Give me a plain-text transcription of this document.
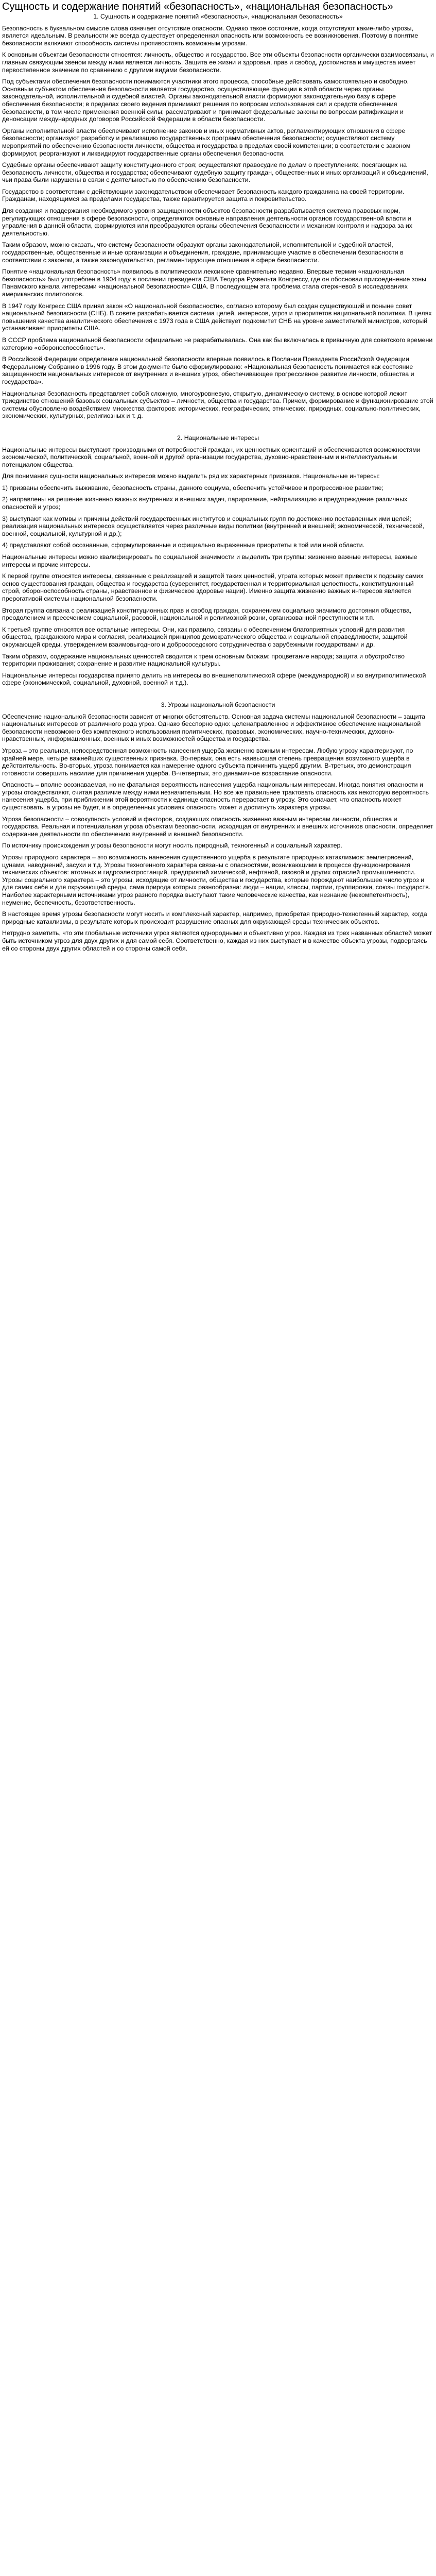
Сущность и содержание понятий «безопасность», «национальная безопасность»
1. Сущность и содержание понятий «безопасность», «национальная безопасность»

Безопасность в буквальном смысле слова означает отсутствие опасности. Однако такое состояние, когда отсутствуют какие-либо угрозы, является идеальным. В реальности же всегда существует определенная опасность или возможность ее возникновения. Поэтому в понятие безопасности включают способность системы противостоять возможным угрозам.

К основным объектам безопасности относятся: личность, общество и государство. Все эти объекты безопасности органически взаимосвязаны, и главным связующим звеном между ними является личность. Защита ее жизни и здоровья, прав и свобод, достоинства и имущества имеет первостепенное значение по сравнению с другими видами безопасности.

Под субъектами обеспечения безопасности понимаются участники этого процесса, способные действовать самостоятельно и свободно. Основным субъектом обеспечения безопасности является государство, осуществляющее функции в этой области через органы законодательной, исполнительной и судебной властей. Органы законодательной власти формируют законодательную базу в сфере обеспечения безопасности; в пределах своего ведения принимают решения по вопросам использования сил и средств обеспечения безопасности, в том числе применения военной силы; рассматривают и принимают федеральные законы по вопросам ратификации и денонсации международных договоров Российской Федерации в области безопасности.

Органы исполнительной власти обеспечивают исполнение законов и иных нормативных актов, регламентирующих отношения в сфере безопасности; организуют разработку и реализацию государственных программ обеспечения безопасности; осуществляют систему мероприятий по обеспечению безопасности личности, общества и государства в пределах своей компетенции; в соответствии с законом формируют, реорганизуют и ликвидируют государственные органы обеспечения безопасности.

Судебные органы обеспечивают защиту конституционного строя; осуществляют правосудие по делам о преступлениях, посягающих на безопасность личности, общества и государства; обеспечивают судебную защиту граждан, общественных и иных организаций и объединений, чьи права были нарушены в связи с деятельностью по обеспечению безопасности.

Государство в соответствии с действующим законодательством обеспечивает безопасность каждого гражданина на своей территории. Гражданам, находящимся за пределами государства, также гарантируется защита и покровительство.

Для создания и поддержания необходимого уровня защищенности объектов безопасности разрабатывается система правовых норм, регулирующих отношения в сфере безопасности, определяются основные направления деятельности органов государственной власти и управления в данной области, формируются или преобразуются органы обеспечения безопасности и механизм контроля и надзора за их деятельностью.

Таким образом, можно сказать, что систему безопасности образуют органы законодательной, исполнительной и судебной властей, государственные, общественные и иные организации и объединения, граждане, принимающие участие в обеспечении безопасности в соответствии с законом, а также законодательство, регламентирующее отношения в сфере безопасности.

Понятие «национальная безопасность» появилось в политическом лексиконе сравнительно недавно. Впервые термин «национальная безопасность» был употреблен в 1904 году в послании президента США Теодора Рузвельта Конгрессу, где он обосновал присоединение зоны Панамского канала интересами «национальной безопасности» США. В последующем эта проблема стала стержневой в исследованиях американских политологов.

В 1947 году Конгресс США принял закон «О национальной безопасности», согласно которому был создан существующий и поныне совет национальной безопасности (СНБ). В совете разрабатывается система целей, интересов, угроз и приоритетов национальной политики. В целях повышения качества аналитического обеспечения с 1973 года в США действует подкомитет СНБ на уровне заместителей министров, который устанавливает приоритеты США.

В СССР проблема национальной безопасности официально не разрабатывалась. Она как бы включалась в привычную для советского времени категорию «обороноспособность».

В Российской Федерации определение национальной безопасности впервые появилось в Послании Президента Российской Федерации Федеральному Собранию в 1996 году. В этом документе было сформулировано: «Национальная безопасность понимается как состояние защищенности национальных интересов от внутренних и внешних угроз, обеспечивающее прогрессивное развитие личности, общества и государства».

Национальная безопасность представляет собой сложную, многоуровневую, открытую, динамическую систему, в основе которой лежит триединство отношений базовых социальных субъектов – личности, общества и государства. Причем, формирование и функционирование этой системы обусловлено воздействием множества факторов: исторических, географических, этнических, природных, социально-политических, экономических, культурных, религиозных и т. д.

2. Национальные интересы

Национальные интересы выступают производными от потребностей граждан, их ценностных ориентаций и обеспечиваются возможностями экономической, политической, социальной, военной и другой организации государства, духовно-нравственным и интеллектуальным потенциалом общества.

Для понимания сущности национальных интересов можно выделить ряд их характерных признаков. Национальные интересы:

1) призваны обеспечить выживание, безопасность страны, данного социума, обеспечить устойчивое и прогрессивное развитие;

2) направлены на решение жизненно важных внутренних и внешних задач, парирование, нейтрализацию и предупреждение различных опасностей и угроз;

3) выступают как мотивы и причины действий государственных институтов и социальных групп по достижению поставленных ими целей; реализация национальных интересов осуществляется через различные виды политики (внутренней и внешней; экономической, технической, военной, социальной, культурной и др.);

4) представляют собой осознанные, сформулированные и официально выраженные приоритеты в той или иной области.

Национальные интересы можно квалифицировать по социальной значимости и выделить три группы: жизненно важные интересы, важные интересы и прочие интересы.

К первой группе относятся интересы, связанные с реализацией и защитой таких ценностей, утрата которых может привести к подрыву самих основ существования граждан, общества и государства (суверенитет, государственная и территориальная целостность, конституционный строй, обороноспособность страны, нравственное и физическое здоровье нации). Именно защита жизненно важных интересов является прерогативой системы национальной безопасности.

Вторая группа связана с реализацией конституционных прав и свобод граждан, сохранением социально значимого достояния общества, преодолением и пресечением социальной, расовой, национальной и религиозной розни, организованной преступности и т.п.

К третьей группе относятся все остальные интересы. Они, как правило, связаны с обеспечением благоприятных условий для развития общества, гражданского мира и согласия, реализацией принципов демократического общества и социальной справедливости, защитой окружающей среды, утверждением взаимовыгодного и добрососедского сотрудничества с зарубежными государствами и др.

Таким образом, содержание национальных ценностей сводится к трем основным блокам: процветание народа; защита и обустройство территории проживания; сохранение и развитие национальной культуры.

Национальные интересы государства принято делить на интересы во внешнеполитической сфере (международной) и во внутриполитической сфере (экономической, социальной, духовной, военной и т.д.).

3. Угрозы национальной безопасности

Обеспечение национальной безопасности зависит от многих обстоятельств. Основная задача системы национальной безопасности – защита национальных интересов от различного рода угроз. Однако бесспорно одно: целенаправленное и эффективное обеспечение национальной безопасности невозможно без комплексного использования политических, правовых, экономических, научно-технических, духовно-нравственных, информационных, военных и иных возможностей общества и государства.

Угроза – это реальная, непосредственная возможность нанесения ущерба жизненно важным интересам. Любую угрозу характеризуют, по крайней мере, четыре важнейших существенных признака. Во-первых, она есть наивысшая степень превращения возможного ущерба в действительность. Во-вторых, угроза понимается как намерение одного субъекта причинить ущерб другим. В-третьих, это демонстрация готовности совершить насилие для причинения ущерба. В-четвертых, это динамичное возрастание опасности.

Опасность – вполне осознаваемая, но не фатальная вероятность нанесения ущерба национальным интересам. Иногда понятия опасности и угрозы отождествляют, считая различие между ними незначительным. Но все же правильнее трактовать опасность как некоторую вероятность нанесения ущерба, при приближении этой вероятности к единице опасность перерастает в угрозу. Это означает, что опасность может существовать, а угрозы не будет, и в определенных условиях опасность может и достигнуть характера угрозы.

Угроза безопасности – совокупность условий и факторов, создающих опасность жизненно важным интересам личности, общества и государства. Реальная и потенциальная угроза объектам безопасности, исходящая от внутренних и внешних источников опасности, определяет содержание деятельности по обеспечению внутренней и внешней безопасности.

По источнику происхождения угрозы безопасности могут носить природный, техногенный и социальный характер.

Угрозы природного характера – это возможность нанесения существенного ущерба в результате природных катаклизмов: землетрясений, цунами, наводнений, засухи и т.д. Угрозы техногенного характера связаны с опасностями, возникающими в процессе функционирования технических объектов: атомных и гидроэлектростанций, предприятий химической, нефтяной, газовой и других отраслей промышленности. Угрозы социального характера – это угрозы, исходящие от личности, общества и государства, которые порождают наибольшее число угроз и для самих себя и для окружающей среды, сама природа которых разнообразна: люди – нации, классы, партии, группировки, союзы государств. Наиболее характерными источниками угроз разного порядка выступают такие человеческие качества, как незнание (некомпетентность), неумение, беспечность, безответственность.

В настоящее время угрозы безопасности могут носить и комплексный характер, например, приобретая природно-техногенный характер, когда природные катаклизмы, в результате которых происходит разрушение опасных для окружающей среды технических объектов.

Нетрудно заметить, что эти глобальные источники угроз являются однородными и объективно угроз. Каждая из трех названных областей может быть источником угроз для двух других и для самой себя. Соответственно, каждая из них выступает и в качестве объекта угрозы, подвергаясь ей со стороны двух других областей и со стороны самой себя.
